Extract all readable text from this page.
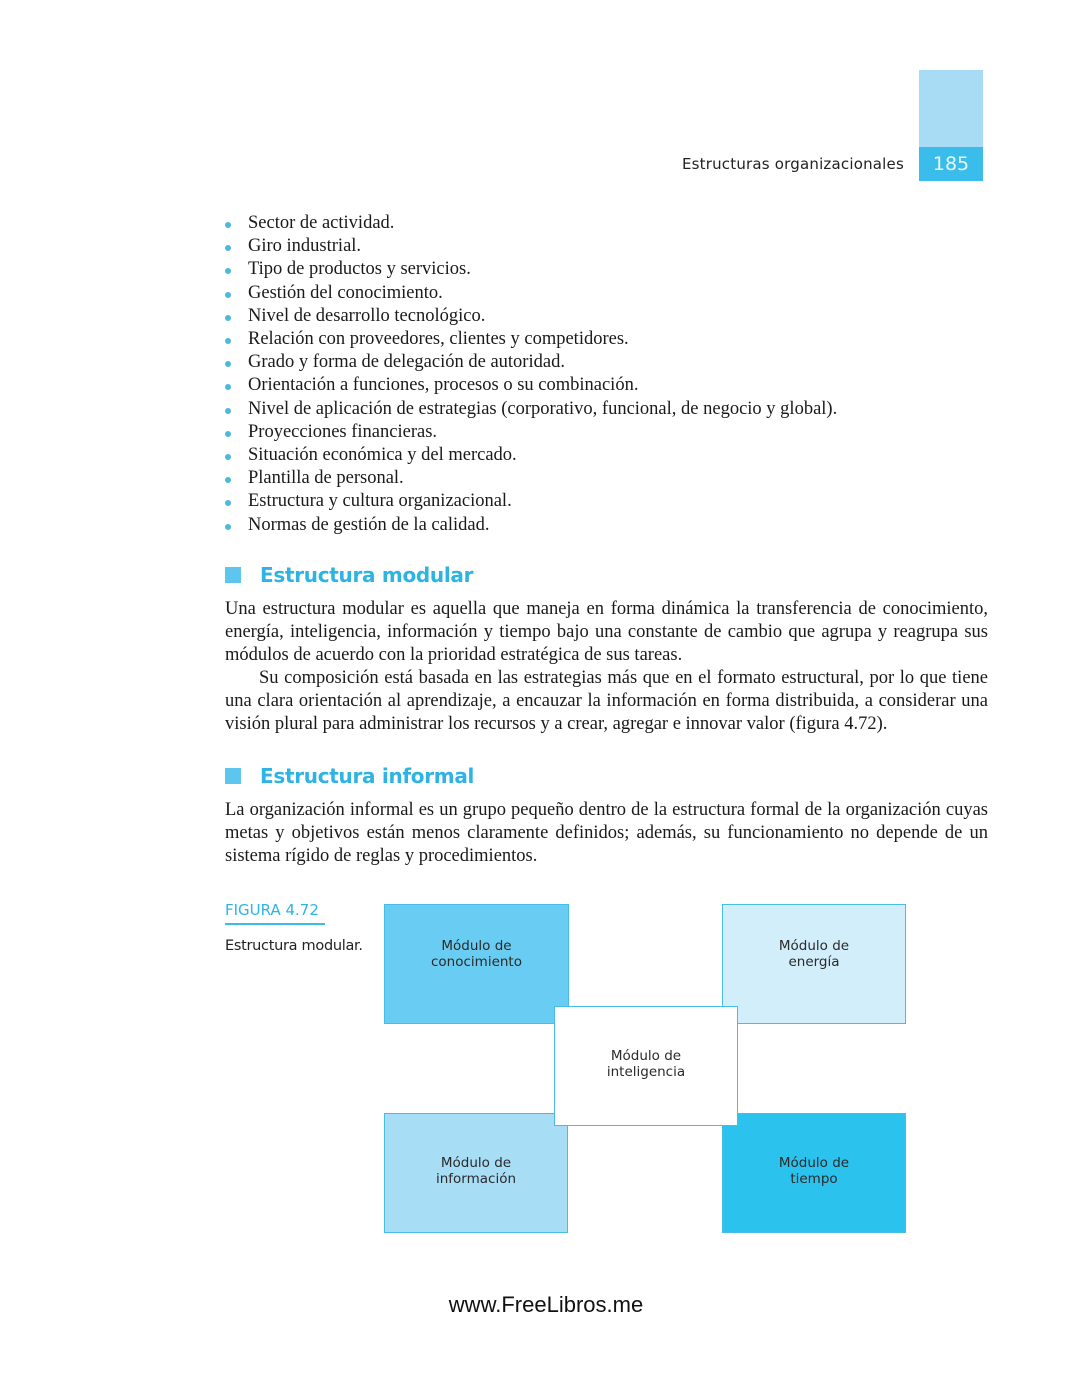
185
Estructuras organizacionales
Sector de actividad.
Giro industrial.
Tipo de productos y servicios.
Gestión del conocimiento.
Nivel de desarrollo tecnológico.
Relación con proveedores, clientes y competidores.
Grado y forma de delegación de autoridad.
Orientación a funciones, procesos o su combinación.
Nivel de aplicación de estrategias (corporativo, funcional, de negocio y global).
Proyecciones financieras.
Situación económica y del mercado.
Plantilla de personal.
Estructura y cultura organizacional.
Normas de gestión de la calidad.
Estructura modular

Una estructura modular es aquella que maneja en forma dinámica la transferencia de conocimiento, energía, inteligencia, información y tiempo bajo una constante de cambio que agrupa y reagrupa sus módulos de acuerdo con la prioridad estratégica de sus tareas.

Su composición está basada en las estrategias más que en el formato estructural, por lo que tiene una clara orientación al aprendizaje, a encauzar la información en forma distribuida, a considerar una visión plural para administrar los recursos y a crear, agregar e innovar valor (figura 4.72).

Estructura informal

La organización informal es un grupo pequeño dentro de la estructura formal de la organización cuyas metas y objetivos están menos claramente definidos; además, su funcionamiento no depende de un sistema rígido de reglas y procedimientos.

FIGURA 4.72
Estructura modular.	Módulo de
conocimiento
Módulo de
energía
Módulo de
inteligencia
Módulo de
información
Módulo de
tiempo
www.FreeLibros.me
